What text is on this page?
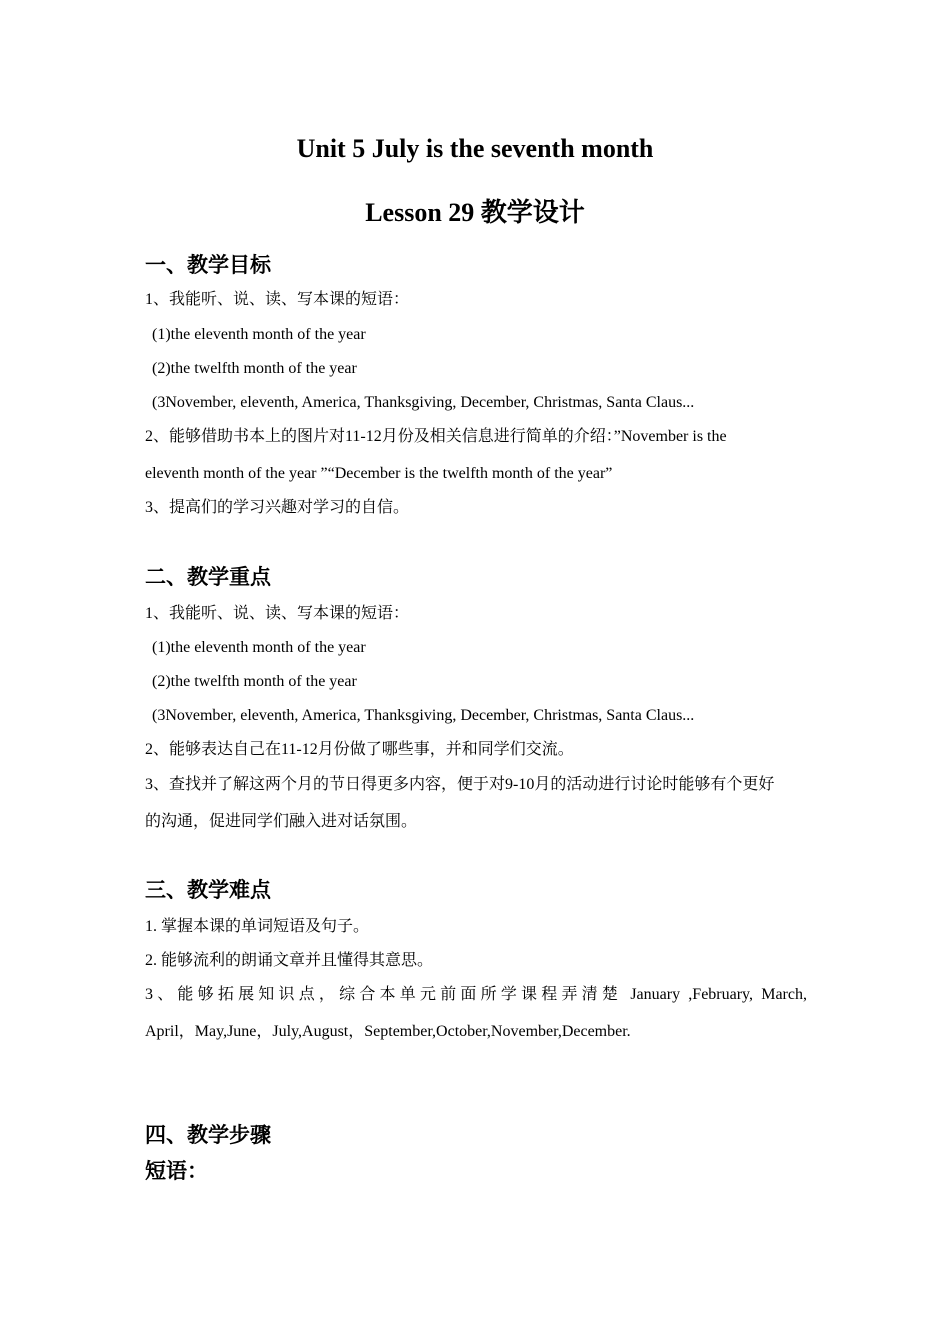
Unit 5 July is the seventh month
Lesson 29 教学设计
一、教学目标
1、我能听、说、读、写本课的短语：
(1)the eleventh month of the year
(2)the twelfth month of the year
(3November, eleventh, America, Thanksgiving, December, Christmas, Santa Claus...
2、能够借助书本上的图片对11-12月份及相关信息进行简单的介绍：”November is the
eleventh month of the year ”“December is the twelfth month of the year”
3、提高们的学习兴趣对学习的自信。
二、教学重点
1、我能听、说、读、写本课的短语：
(1)the eleventh month of the year
(2)the twelfth month of the year
(3November, eleventh, America, Thanksgiving, December, Christmas, Santa Claus...
2、能够表达自己在11-12月份做了哪些事，并和同学们交流。
3、查找并了解这两个月的节日得更多内容，便于对9-10月的活动进行讨论时能够有个更好
的沟通，促进同学们融入进对话氛围。
三、教学难点
1. 掌握本课的单词短语及句子。
2. 能够流利的朗诵文章并且懂得其意思。
3、能够拓展知识点，综合本单元前面所学课程弄清楚 January ,February, March,
April，May,June，July,August，September,October,November,December.
四、教学步骤
短语：
